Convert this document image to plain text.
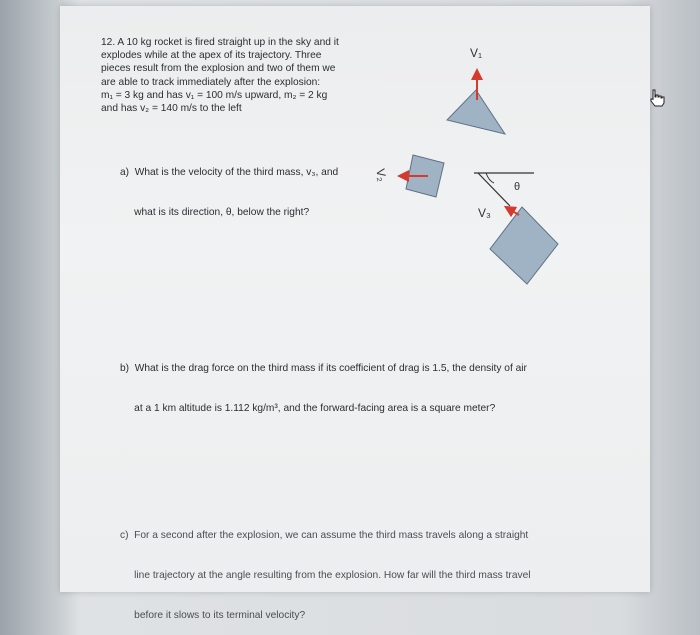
12. A 10 kg rocket is fired straight up in the sky and it

explodes while at the apex of its trajectory. Three

pieces result from the explosion and two of them we

are able to track immediately after the explosion:

m₁ = 3 kg and has v₁ = 100 m/s upward, m₂ = 2 kg

and has v₂ = 140 m/s to the left

a)  What is the velocity of the third mass, v₃, and

what is its direction, θ, below the right?

b)  What is the drag force on the third mass if its coefficient of drag is 1.5, the density of air

at a 1 km altitude is 1.112 kg/m³, and the forward-facing area is a square meter?

c)  For a second after the explosion, we can assume the third mass travels along a straight

line trajectory at the angle resulting from the explosion. How far will the third mass travel

before it slows to its terminal velocity?

V₁
V₂
V₃
θ
